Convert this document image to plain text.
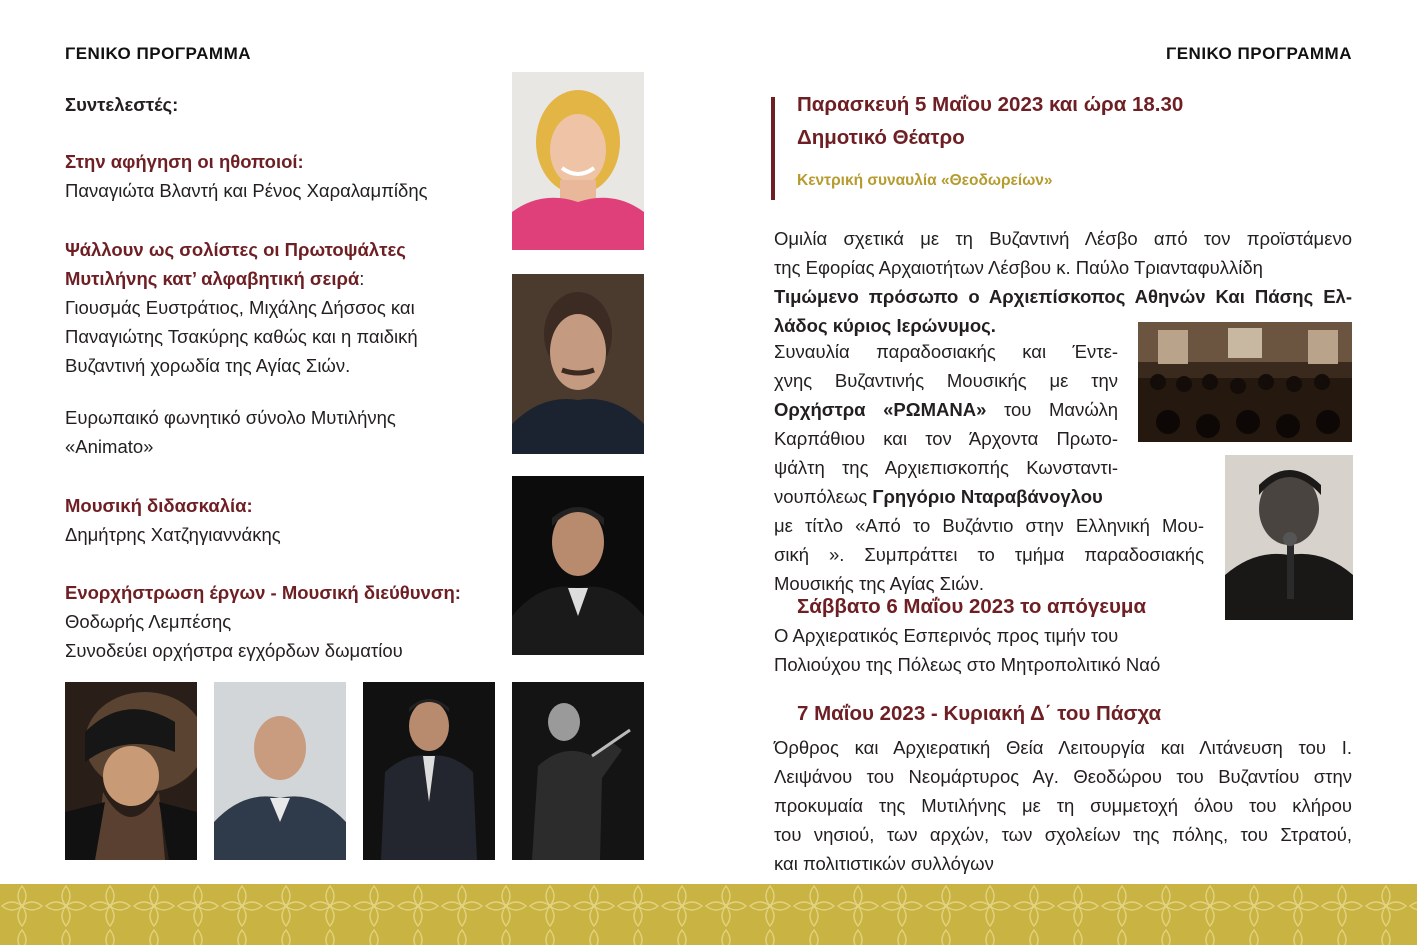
ΓΕΝΙΚΟ ΠΡΟΓΡΑΜΜΑ	ΓΕΝΙΚΟ ΠΡΟΓΡΑΜΜΑ
Συντελεστές:
Στην αφήγηση οι ηθοποιοί:
Παναγιώτα Βλαντή και Ρένος Χαραλαμπίδης
Ψάλλουν ως σολίστες οι Πρωτοψάλτες
Μυτιλήνης κατ’ αλφαβητική σειρά:
Γιουσμάς Ευστράτιος, Μιχάλης Δήσσος και
Παναγιώτης Τσακύρης καθώς και η παιδική
Βυζαντινή χορωδία της Αγίας Σιών.
Ευρωπαικό φωνητικό σύνολο Μυτιλήνης
«Animato»
Μουσική διδασκαλία:
Δημήτρης Χατζηγιαννάκης
Ενορχήστρωση έργων - Μουσική διεύθυνση:
Θοδωρής Λεμπέσης
Συνοδεύει ορχήστρα εγχόρδων δωματίου
Παρασκευή 5 Μαΐου 2023 και ώρα 18.30
Δημοτικό Θέατρο
Κεντρική συναυλία «Θεοδωρείων»
Ομιλία σχετικά με τη Βυζαντινή Λέσβο από τον προϊστάμενο
της Εφορίας Αρχαιοτήτων Λέσβου κ. Παύλο Τριανταφυλλίδη
Τιμώμενο πρόσωπο ο Αρχιεπίσκοπος Αθηνών Και Πάσης Ελ-
λάδος κύριος Ιερώνυμος.
Συναυλία παραδοσιακής και Έντε-
χνης Βυζαντινής Μουσικής με την
Ορχήστρα «ΡΩΜΑΝΑ» του Μανώλη
Καρπάθιου και τον Άρχοντα Πρωτο-
ψάλτη της Αρχιεπισκοπής Κωνσταντι-
νουπόλεως Γρηγόριο Νταραβάνογλου
με τίτλο «Από το Βυζάντιο στην Ελληνική Μου-
σική ». Συμπράττει το τμήμα παραδοσιακής
Μουσικής της Αγίας Σιών.
Σάββατο 6 Μαΐου 2023 το απόγευμα
Ο Αρχιερατικός Εσπερινός προς τιμήν του
Πολιούχου της Πόλεως στο Μητροπολιτικό Ναό
7 Μαΐου 2023 - Κυριακή Δ΄ του Πάσχα
Όρθρος και Αρχιερατική Θεία Λειτουργία και Λιτάνευση του Ι.
Λειψάνου του Νεομάρτυρος Αγ. Θεοδώρου του Βυζαντίου στην
προκυμαία της Μυτιλήνης με τη συμμετοχή όλου του κλήρου
του νησιού, των αρχών, των σχολείων της πόλης, του Στρατού,
και πολιτιστικών συλλόγων
